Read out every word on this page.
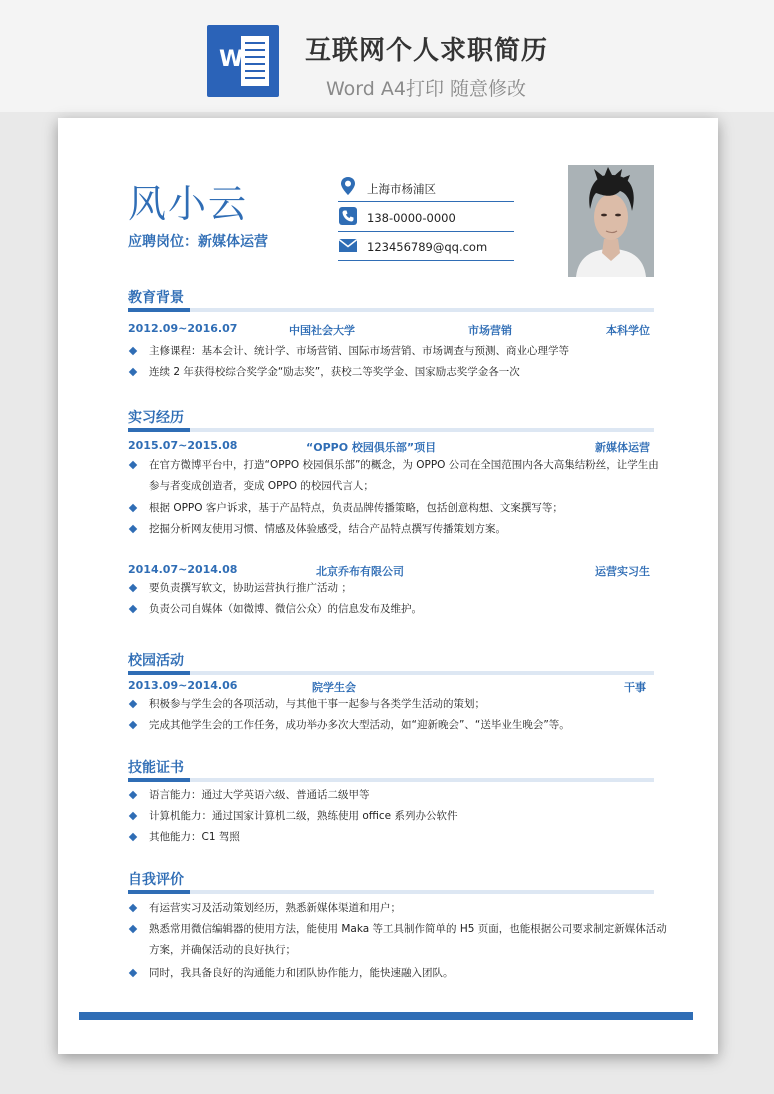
W 互联网个人求职简历
Word A4打印 随意修改
风小云
应聘岗位：新媒体运营
上海市杨浦区
138-0000-0000
123456789@qq.com
教育背景
2012.09~2016.07	中国社会大学	市场营销	本科学位
主修课程：基本会计、统计学、市场营销、国际市场营销、市场调查与预测、商业心理学等
连续 2 年获得校综合奖学金“励志奖”，获校二等奖学金、国家励志奖学金各一次
实习经历
2015.07~2015.08	“OPPO 校园俱乐部”项目	新媒体运营
在官方微博平台中，打造“OPPO 校园俱乐部”的概念，为 OPPO 公司在全国范围内各大高集结粉丝，让学生由参与者变成创造者，变成 OPPO 的校园代言人；
根据 OPPO 客户诉求，基于产品特点，负责品牌传播策略，包括创意构想、文案撰写等；
挖掘分析网友使用习惯、情感及体验感受，结合产品特点撰写传播策划方案。
2014.07~2014.08	北京乔布有限公司	运营实习生
要负责撰写软文，协助运营执行推广活动 ；
负责公司自媒体（如微博、微信公众）的信息发布及维护。
校园活动
2013.09~2014.06	院学生会	干事
积极参与学生会的各项活动，与其他干事一起参与各类学生活动的策划；
完成其他学生会的工作任务，成功举办多次大型活动，如“迎新晚会”、“送毕业生晚会”等。
技能证书
语言能力：通过大学英语六级、普通话二级甲等
计算机能力：通过国家计算机二级，熟练使用 office 系列办公软件
其他能力：C1 驾照
自我评价
有运营实习及活动策划经历，熟悉新媒体渠道和用户；
熟悉常用微信编辑器的使用方法，能使用 Maka 等工具制作简单的 H5 页面，也能根据公司要求制定新媒体活动方案，并确保活动的良好执行；
同时，我具备良好的沟通能力和团队协作能力，能快速融入团队。
